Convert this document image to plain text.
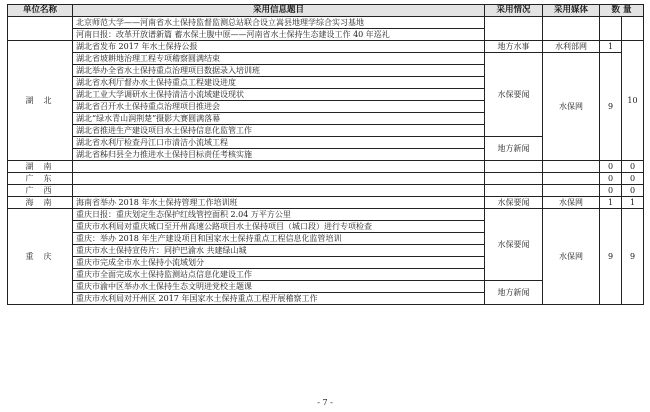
单位名称	采用信息题目	采用情况	采用媒体	数 量	
	北京师范大学——河南省水土保持监督监测总站联合设立嵩县地理学综合实习基地				
	河南日报：改革开放谱新篇 蓄水保土腹中原——河南省水土保持生态建设工作 40 年巡礼				
湖北	湖北省发布 2017 年水土保持公报	地方水事	水利部网	1	10
	湖北省坡耕地治理工程专项稽察圆满结束	水保要闻	水保网	9	
	湖北举办全省水土保持重点治理项目数据录入培训班				
	湖北省水利厅督办水土保持重点工程建设进度				
	湖北工业大学调研水土保持清洁小流域建设现状				
	湖北省召开水土保持重点治理项目推进会				
	湖北“绿水青山润荆楚”摄影大赛圆满落幕				
	湖北省推进生产建设项目水土保持信息化监管工作				
	湖北省水利厅检查丹江口市清洁小流域工程	地方新闻			
	湖北省秭归县全力推进水土保持目标责任考核实施				
湖南				0	0
广东				0	0
广西				0	0
海南	海南省举办 2018 年水土保持管理工作培训班	水保要闻	水保网	1	1
重庆	重庆日报：重庆划定生态保护红线管控面积 2.04 万平方公里	水保要闻	水保网	9	9
	重庆市水利局对重庆城口至开州高速公路项目水土保持项目（城口段）进行专项检查				
	重庆：举办 2018 年生产建设项目和国家水土保持重点工程信息化监管培训				
	重庆市水土保持宣传片：同护巴渝水 共建绿山城				
	重庆市完成全市水土保持小流域划分				
	重庆市全面完成水土保持监测站点信息化建设工作				
	重庆市渝中区举办水土保持生态文明进党校主题课	地方新闻			
	重庆市水利局对开州区 2017 年国家水土保持重点工程开展稽察工作				
- 7 -
